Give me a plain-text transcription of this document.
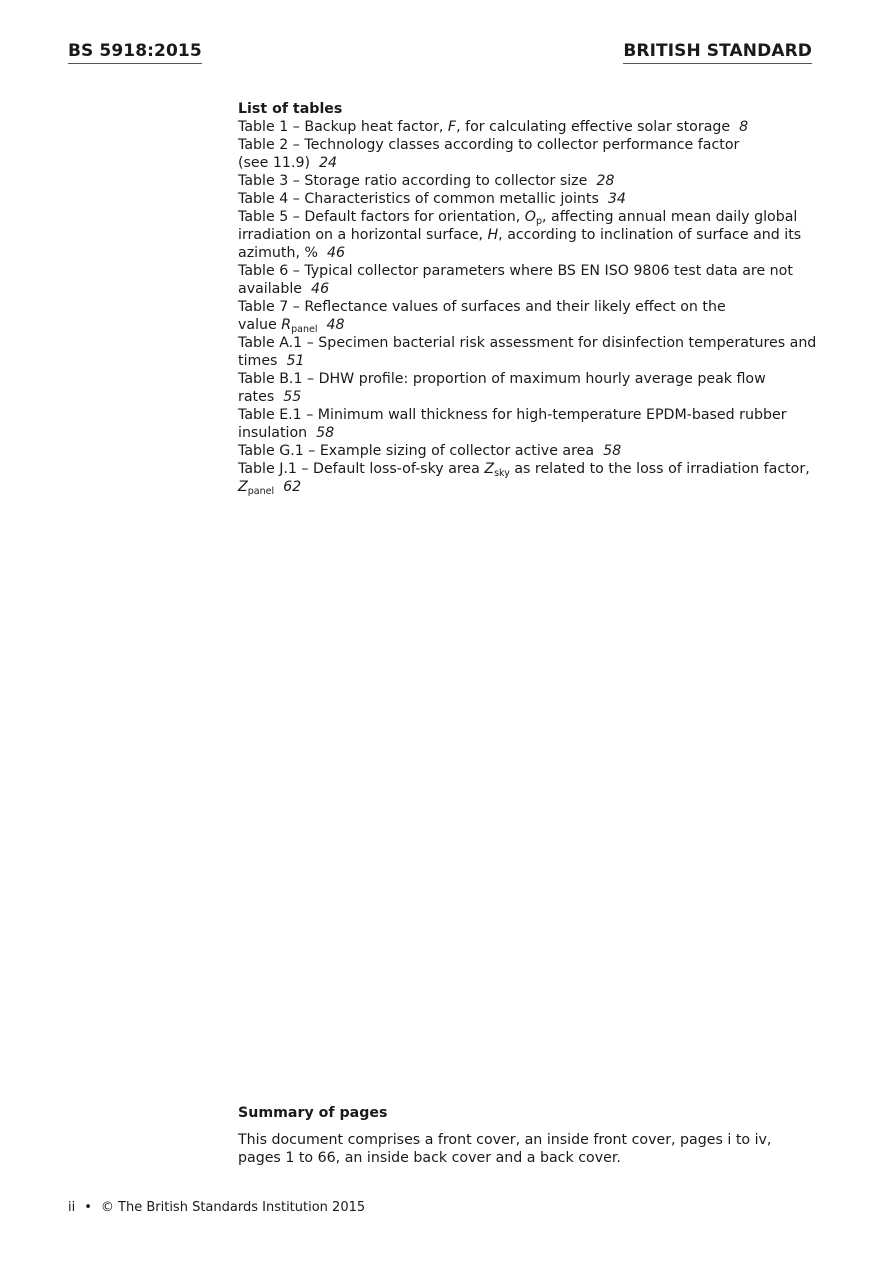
BS 5918:2015	BRITISH STANDARD

List of tables

Table 1 – Backup heat factor, F, for calculating effective solar storage 8

Table 2 – Technology classes according to collector performance factor
(see 11.9) 24

Table 3 – Storage ratio according to collector size 28

Table 4 – Characteristics of common metallic joints 34

Table 5 – Default factors for orientation, $O_p$, affecting annual mean daily global irradiation on a horizontal surface, H, according to inclination of surface and its azimuth, % 46

Table 6 – Typical collector parameters where BS EN ISO 9806 test data are not available 46

Table 7 – Reflectance values of surfaces and their likely effect on the
value $R_{panel}$ 48

Table A.1 – Specimen bacterial risk assessment for disinfection temperatures and times 51

Table B.1 – DHW profile: proportion of maximum hourly average peak flow rates 55

Table E.1 – Minimum wall thickness for high-temperature EPDM-based rubber insulation 58

Table G.1 – Example sizing of collector active area 58

Table J.1 – Default loss-of-sky area $Z_{sky}$ as related to the loss of irradiation factor, $Z_{panel}$ 62

Summary of pages

This document comprises a front cover, an inside front cover, pages i to iv, pages 1 to 66, an inside back cover and a back cover.

ii • © The British Standards Institution 2015
